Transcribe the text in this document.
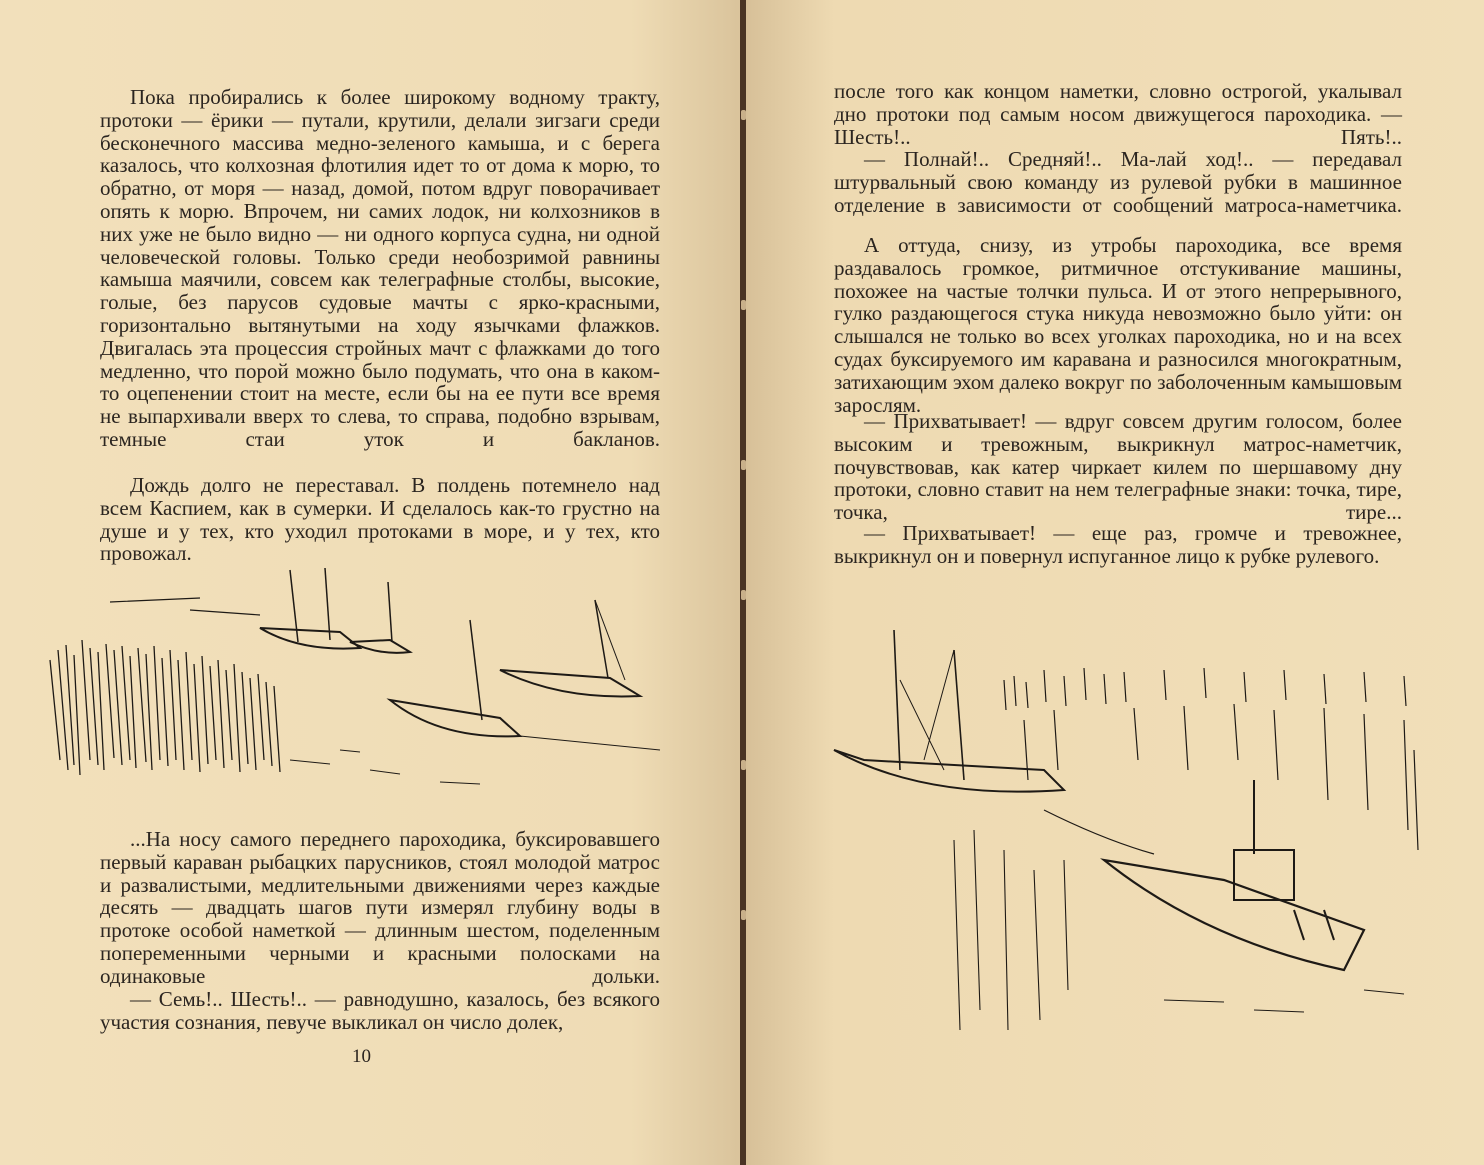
Пока пробирались к более широкому водному тракту, протоки — ёрики — путали, крутили, делали зигзаги среди бесконечного массива медно-зеленого камыша, и с берега казалось, что колхозная флотилия идет то от дома к морю, то обратно, от моря — назад, домой, потом вдруг поворачивает опять к морю. Впрочем, ни самих лодок, ни колхозников в них уже не было видно — ни одного корпуса судна, ни одной человеческой головы. Только среди необозримой равнины камыша маячили, совсем как телеграфные столбы, высокие, голые, без парусов судовые мачты с ярко-красными, горизонтально вытянутыми на ходу язычками флажков. Двигалась эта процессия стройных мачт с флажками до того медленно, что порой можно было подумать, что она в каком-то оцепенении стоит на месте, если бы на ее пути все время не выпархивали вверх то слева, то справа, подобно взрывам, темные стаи уток и бакланов.

Дождь долго не переставал. В полдень потемнело над всем Каспием, как в сумерки. И сделалось как-то грустно на душе и у тех, кто уходил протоками в море, и у тех, кто провожал.

...На носу самого переднего пароходика, буксировавшего первый караван рыбацких парусников, стоял молодой матрос и развалистыми, медлительными движениями через каждые десять — двадцать шагов пути измерял глубину воды в протоке особой наметкой — длинным шестом, поделенным попеременными черными и красными полосками на одинаковые дольки.

— Семь!.. Шесть!.. — равнодушно, казалось, без всякого участия сознания, певуче выкликал он число долек,

10

после того как концом наметки, словно острогой, укалывал дно протоки под самым носом движущегося пароходика. — Шесть!.. Пять!..

— Полнай!.. Средняй!.. Ма-лай ход!.. — передавал штурвальный свою команду из рулевой рубки в машинное отделение в зависимости от сообщений матроса-наметчика.

А оттуда, снизу, из утробы пароходика, все время раздавалось громкое, ритмичное отстукивание машины, похожее на частые толчки пульса. И от этого непрерывного, гулко раздающегося стука никуда невозможно было уйти: он слышался не только во всех уголках пароходика, но и на всех судах буксируемого им каравана и разносился многократным, затихающим эхом далеко вокруг по заболоченным камышовым зарослям.

— Прихватывает! — вдруг совсем другим голосом, более высоким и тревожным, выкрикнул матрос-наметчик, почувствовав, как катер чиркает килем по шершавому дну протоки, словно ставит на нем телеграфные знаки: точка, тире, точка, тире...

— Прихватывает! — еще раз, громче и тревожнее, выкрикнул он и повернул испуганное лицо к рубке рулевого.
